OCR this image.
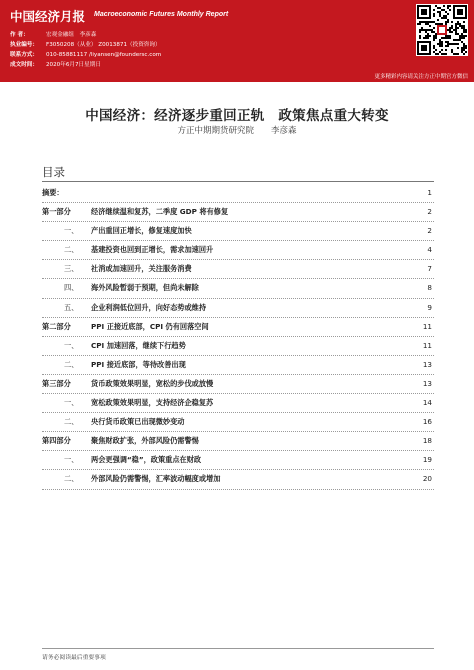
中国经济月报 Macroeconomic Futures Monthly Report
作 者：	宏观金融组　李彦森
执业编号： F3050208（从业） Z0013871（投资咨询）
联系方式： 010-85881117 /liyansen@foundersc.com
成文时间： 2020年6月7日星期日
更多精彩内容请关注方正中期官方微信
中国经济：经济逐步重回正轨　政策焦点重大转变
方正中期期货研究院　　李彦森
目录
摘要：	1
第一部分	经济继续温和复苏，二季度 GDP 将有修复	2
一、 产出重回正增长，修复速度加快	2
二、 基建投资也回到正增长，需求加速回升	4
三、 社消或加速回升，关注服务消费	7
四、 海外风险暂弱于预期，但尚未解除	8
五、 企业利润低位回升，向好态势或维持	9
第二部分	PPI 正接近底部，CPI 仍有回落空间	11
一、 CPI 加速回落，继续下行趋势	11
二、 PPI 接近底部，等待改善出现	13
第三部分	货币政策效果明显，宽松的步伐或放慢	13
一、 宽松政策效果明显，支持经济企稳复苏	14
二、 央行货币政策已出现微妙变动	16
第四部分	聚焦财政扩张，外部风险仍需警惕	18
一、 两会更强调“稳”，政策重点在财政	19
二、 外部风险仍需警惕，汇率波动幅度或增加	20
请务必阅读最后重要事项
